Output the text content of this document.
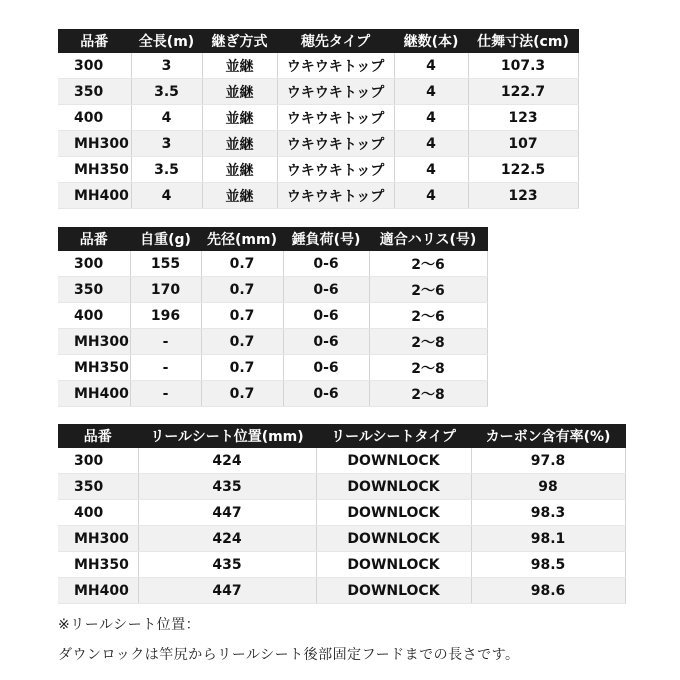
品番	全長(m)	継ぎ方式	穂先タイプ	継数(本)	仕舞寸法(cm)
300	3	並継	ウキウキトップ	4	107.3
350	3.5	並継	ウキウキトップ	4	122.7
400	4	並継	ウキウキトップ	4	123
MH300	3	並継	ウキウキトップ	4	107
MH350	3.5	並継	ウキウキトップ	4	122.5
MH400	4	並継	ウキウキトップ	4	123
品番	自重(g)	先径(mm)	錘負荷(号)	適合ハリス(号)
300	155	0.7	0-6	2〜6
350	170	0.7	0-6	2〜6
400	196	0.7	0-6	2〜6
MH300	-	0.7	0-6	2〜8
MH350	-	0.7	0-6	2〜8
MH400	-	0.7	0-6	2〜8
品番	リールシート位置(mm)	リールシートタイプ	カーボン含有率(%)
300	424	DOWNLOCK	97.8
350	435	DOWNLOCK	98
400	447	DOWNLOCK	98.3
MH300	424	DOWNLOCK	98.1
MH350	435	DOWNLOCK	98.5
MH400	447	DOWNLOCK	98.6
※リールシート位置：
ダウンロックは竿尻からリールシート後部固定フードまでの長さです。
